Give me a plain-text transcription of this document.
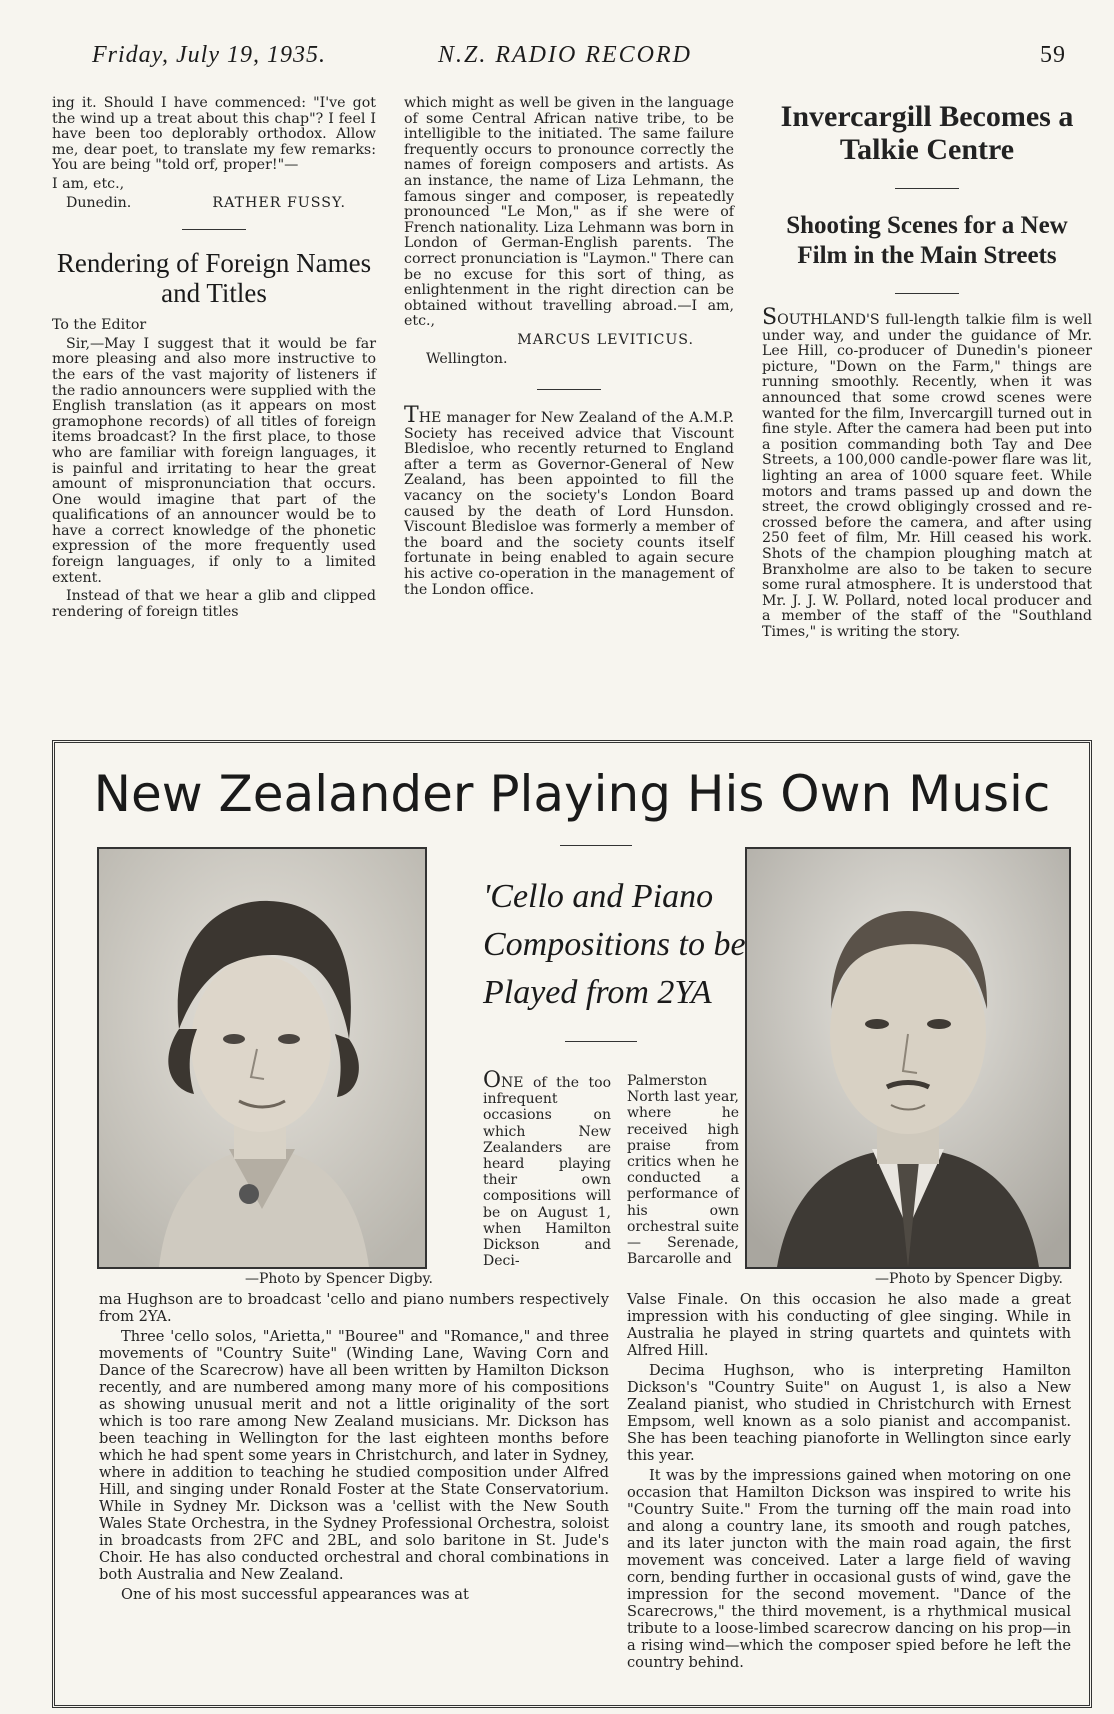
Friday, July 19, 1935.	N.Z. RADIO RECORD	59

ing it. Should I have commenced: "I've got the wind up a treat about this chap"? I feel I have been too deplorably orthodox. Allow me, dear poet, to translate my few remarks: You are being "told orf, proper!"—

I am, etc.,

Dunedin.	RATHER FUSSY.
Rendering of Foreign Names and Titles

To the Editor

Sir,—May I suggest that it would be far more pleasing and also more instructive to the ears of the vast majority of listeners if the radio announcers were supplied with the English translation (as it appears on most gramophone records) of all titles of foreign items broadcast? In the first place, to those who are familiar with foreign languages, it is painful and irritating to hear the great amount of mispronunciation that occurs. One would imagine that part of the qualifications of an announcer would be to have a correct knowledge of the phonetic expression of the more frequently used foreign languages, if only to a limited extent.

Instead of that we hear a glib and clipped rendering of foreign titles

which might as well be given in the language of some Central African native tribe, to be intelligible to the initiated. The same failure frequently occurs to pronounce correctly the names of foreign composers and artists. As an instance, the name of Liza Lehmann, the famous singer and composer, is repeatedly pronounced "Le Mon," as if she were of French nationality. Liza Lehmann was born in London of German-English parents. The correct pronunciation is "Laymon." There can be no excuse for this sort of thing, as enlightenment in the right direction can be obtained without travelling abroad.—I am, etc.,

MARCUS LEVITICUS.

Wellington.

THE manager for New Zealand of the A.M.P. Society has received advice that Viscount Bledisloe, who recently returned to England after a term as Governor-General of New Zealand, has been appointed to fill the vacancy on the society's London Board caused by the death of Lord Hunsdon. Viscount Bledisloe was formerly a member of the board and the society counts itself fortunate in being enabled to again secure his active co-operation in the management of the London office.

Invercargill Becomes a Talkie Centre
Shooting Scenes for a New Film in the Main Streets

SOUTHLAND'S full-length talkie film is well under way, and under the guidance of Mr. Lee Hill, co-producer of Dunedin's pioneer picture, "Down on the Farm," things are running smoothly. Recently, when it was announced that some crowd scenes were wanted for the film, Invercargill turned out in fine style. After the camera had been put into a position commanding both Tay and Dee Streets, a 100,000 candle-power flare was lit, lighting an area of 1000 square feet. While motors and trams passed up and down the street, the crowd obligingly crossed and re-crossed before the camera, and after using 250 feet of film, Mr. Hill ceased his work. Shots of the champion ploughing match at Branxholme are also to be taken to secure some rural atmosphere. It is understood that Mr. J. J. W. Pollard, noted local producer and a member of the staff of the "Southland Times," is writing the story.

New Zealander Playing His Own Music
—Photo by Spencer Digby.
'Cello and Piano Compositions to be Played from 2YA
—Photo by Spencer Digby.

ONE of the too infrequent occasions on which New Zealanders are heard playing their own compositions will be on August 1, when Hamilton Dickson and Deci-

Palmerston North last year, where he received high praise from critics when he conducted a performance of his own orchestral suite — Serenade, Barcarolle and

ma Hughson are to broadcast 'cello and piano numbers respectively from 2YA.

Three 'cello solos, "Arietta," "Bouree" and "Romance," and three movements of "Country Suite" (Winding Lane, Waving Corn and Dance of the Scarecrow) have all been written by Hamilton Dickson recently, and are numbered among many more of his compositions as showing unusual merit and not a little originality of the sort which is too rare among New Zealand musicians. Mr. Dickson has been teaching in Wellington for the last eighteen months before which he had spent some years in Christchurch, and later in Sydney, where in addition to teaching he studied composition under Alfred Hill, and singing under Ronald Foster at the State Conservatorium. While in Sydney Mr. Dickson was a 'cellist with the New South Wales State Orchestra, in the Sydney Professional Orchestra, soloist in broadcasts from 2FC and 2BL, and solo baritone in St. Jude's Choir. He has also conducted orchestral and choral combinations in both Australia and New Zealand.

One of his most successful appearances was at

Valse Finale. On this occasion he also made a great impression with his conducting of glee singing. While in Australia he played in string quartets and quintets with Alfred Hill.

Decima Hughson, who is interpreting Hamilton Dickson's "Country Suite" on August 1, is also a New Zealand pianist, who studied in Christchurch with Ernest Empsom, well known as a solo pianist and accompanist. She has been teaching pianoforte in Wellington since early this year.

It was by the impressions gained when motoring on one occasion that Hamilton Dickson was inspired to write his "Country Suite." From the turning off the main road into and along a country lane, its smooth and rough patches, and its later juncton with the main road again, the first movement was conceived. Later a large field of waving corn, bending further in occasional gusts of wind, gave the impression for the second movement. "Dance of the Scarecrows," the third movement, is a rhythmical musical tribute to a loose-limbed scarecrow dancing on his prop—in a rising wind—which the composer spied before he left the country behind.
